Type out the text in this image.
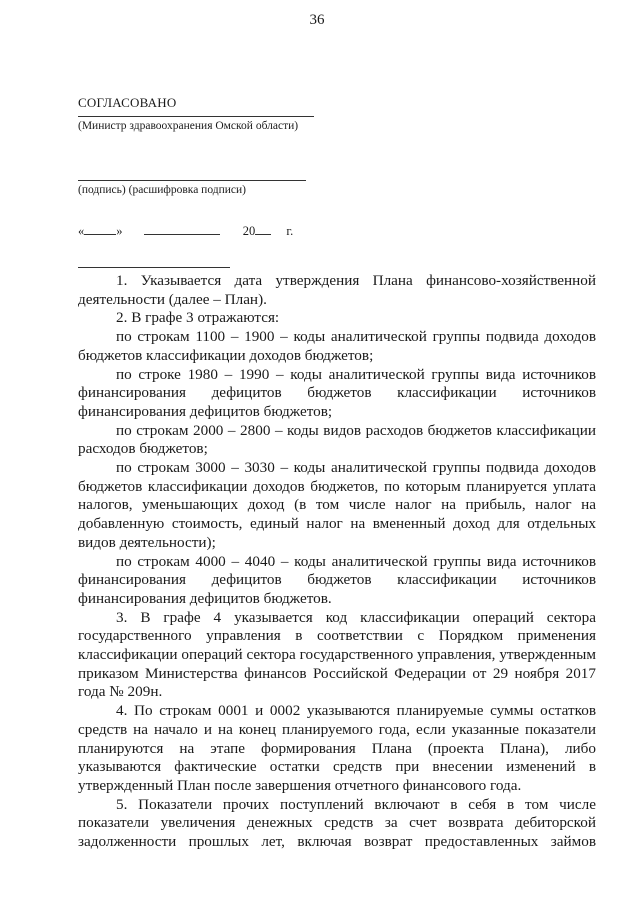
36
СОГЛАСОВАНО
(Министр здравоохранения Омской области)
(подпись) (расшифровка подписи)
«	»	20 г.

1. Указывается дата утверждения Плана финансово-хозяйственной деятельности (далее – План).

2. В графе 3 отражаются:

по строкам 1100 – 1900 – коды аналитической группы подвида доходов бюджетов классификации доходов бюджетов;

по строке 1980 – 1990 – коды аналитической группы вида источников финансирования дефицитов бюджетов классификации источников финансирования дефицитов бюджетов;

по строкам 2000 – 2800 – коды видов расходов бюджетов классификации расходов бюджетов;

по строкам 3000 – 3030 – коды аналитической группы подвида доходов бюджетов классификации доходов бюджетов, по которым планируется уплата налогов, уменьшающих доход (в том числе налог на прибыль, налог на добавленную стоимость, единый налог на вмененный доход для отдельных видов деятельности);

по строкам 4000 – 4040 – коды аналитической группы вида источников финансирования дефицитов бюджетов классификации источников финансирования дефицитов бюджетов.

3. В графе 4 указывается код классификации операций сектора государственного управления в соответствии с Порядком применения классификации операций сектора государственного управления, утвержденным приказом Министерства финансов Российской Федерации от 29 ноября 2017 года № 209н.

4. По строкам 0001 и 0002 указываются планируемые суммы остатков средств на начало и на конец планируемого года, если указанные показатели планируются на этапе формирования Плана (проекта Плана), либо указываются фактические остатки средств при внесении изменений в утвержденный План после завершения отчетного финансового года.

5. Показатели прочих поступлений включают в себя в том числе показатели увеличения денежных средств за счет возврата дебиторской задолженности прошлых лет, включая возврат предоставленных займов
